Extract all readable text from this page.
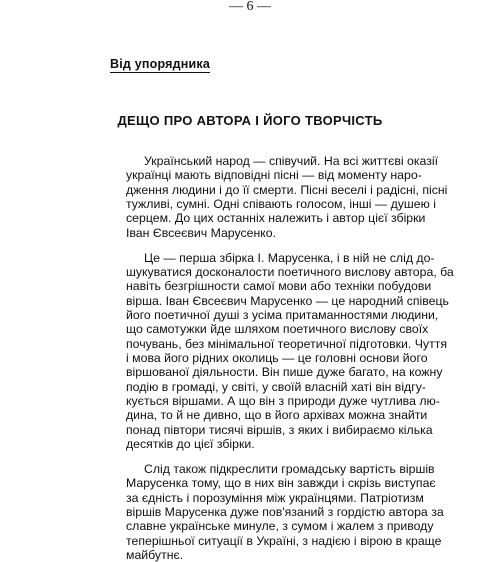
— 6 —
Від упорядника
ДЕЩО ПРО АВТОРА І ЙОГО ТВОРЧІСТЬ

Український народ — співучий. На всі життєві оказії
українці мають відповідні пісні — від моменту наро-
дження людини і до її смерти. Пісні веселі і радісні, пісні
тужливі, сумні. Одні співають голосом, інші — душею і
серцем. До цих останніх належить і автор цієї збірки
Іван Євсеєвич Марусенко.

Це — перша збірка І. Марусенка, і в ній не слід до-
шукуватися досконалости поетичного вислову автора, ба
навіть безгрішности самої мови або техніки побудови
вірша. Іван Євсеєвич Марусенко — це народний співець
його поетичної душі з усіма притаманностями людини,
що самотужки йде шляхом поетичного вислову своїх
почувань, без мінімальної теоретичної підготовки. Чуття
і мова його рідних околиць — це головні основи його
віршованої діяльности. Він пише дуже багато, на кожну
подію в громаді, у світі, у своїй власній хаті він відгу-
кується віршами. А що він з природи дуже чутлива лю-
дина, то й не дивно, що в його архівах можна знайти
понад півтори тисячі віршів, з яких і вибираємо кілька
десятків до цієї збірки.

Слід також підкреслити громадську вартість віршів
Марусенка тому, що в них він завжди і скрізь виступає
за єдність і порозуміння між українцями. Патріотизм
віршів Марусенка дуже пов'язаний з гордістю автора за
славне українське минуле, з сумом і жалем з приводу
теперішньої ситуації в Україні, з надією і вірою в краще
майбутнє.
